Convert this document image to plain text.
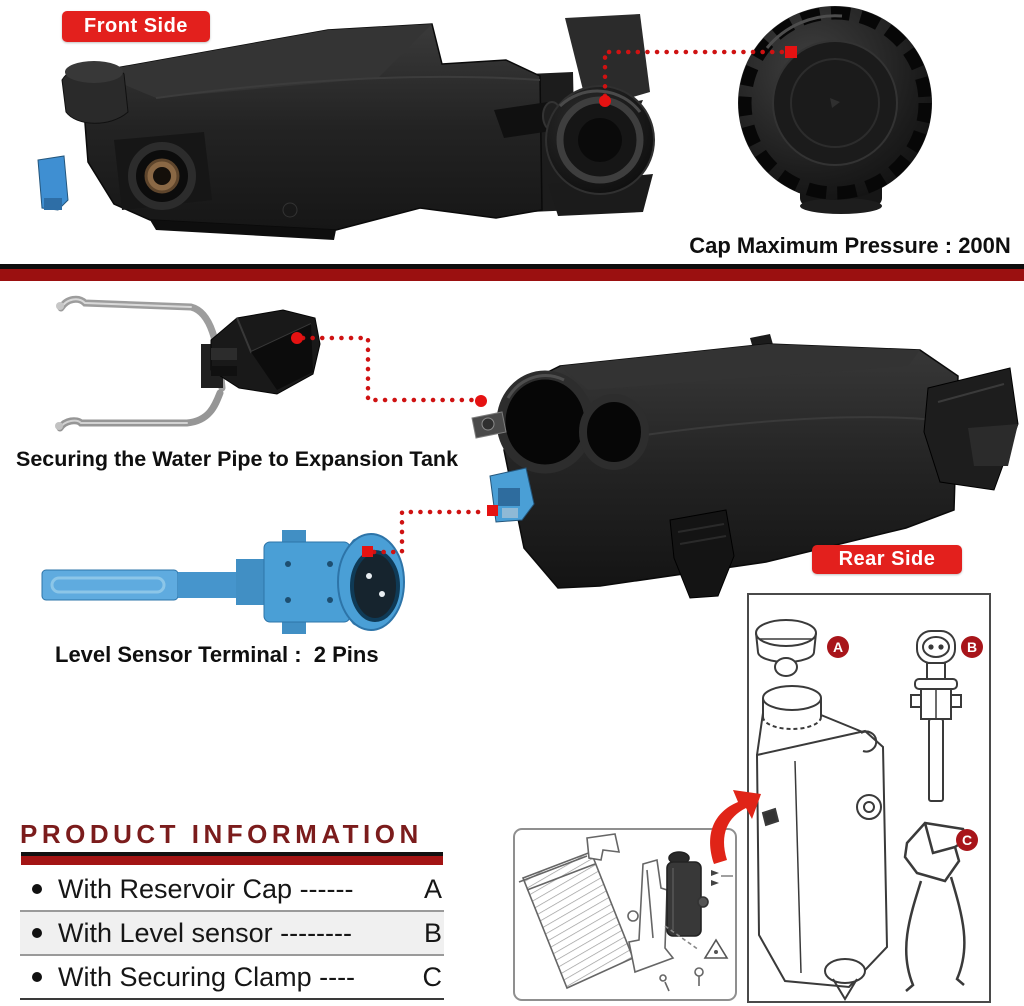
Front Side
Cap Maximum Pressure : 200N
Securing the Water Pipe to Expansion Tank
Level Sensor Terminal :  2 Pins
Rear Side
A	B
C
PRODUCT INFORMATION
With Reservoir Cap ------	A
With Level sensor --------	B
With Securing Clamp ---- C
